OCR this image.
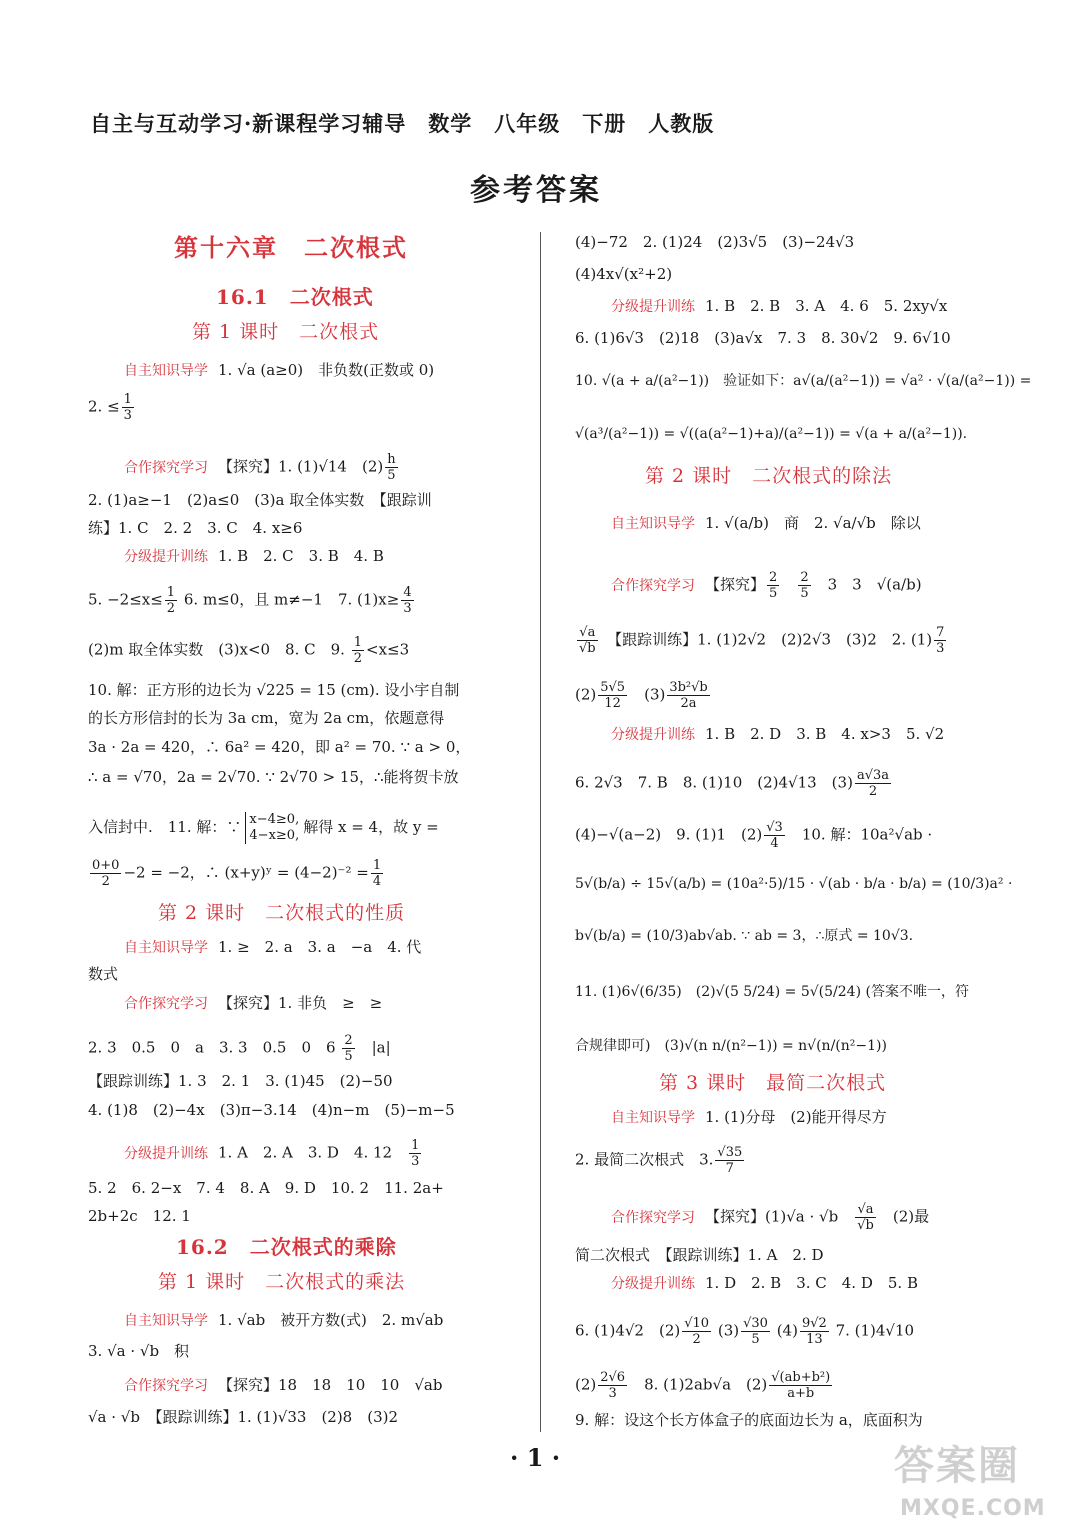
自主与互动学习·新课程学习辅导　数学　八年级　下册　人教版
参考答案
第十六章　二次根式
16.1　二次根式
第 1 课时　二次根式
自主知识导学 1. √a (a≥0)　非负数(正数或 0)
2. ≤ $\frac{1}{3}$
合作探究学习 【探究】1. (1)√14　$(2) \frac{h}{5}$
2. (1)a≥−1　(2)a≤0　(3)a 取全体实数　【跟踪训
练】1. C　2. 2　3. C　4. x≥6
分级提升训练 1. B　2. C　3. B　4. B
5. $-2\le x\le \frac{1}{2} 6$. m≤0，且 m≠−1　7. $(1)x\ge \frac{4}{3}$
(2)m 取全体实数　(3)x<0　8. C　9. $\frac{1}{2} <x\le 3$
10. 解：正方形的边长为 √225 = 15 (cm). 设小宇自制
的长方形信封的长为 3a cm，宽为 2a cm，依题意得
3a · 2a = 420，∴ 6a² = 420，即 a² = 70. ∵ a > 0，
∴ a = √70，2a = 2√70. ∵ 2√70 > 15，∴能将贺卡放
入信封中.　11. 解：∵ x−4≥0,
4−x≥0, 解得 x = 4，故 y =
$\frac{0+0}{2} -2 = -2$，∴ (x+y)ʸ = $(4-2)^{-2} = \frac{1}{4}$
第 2 课时　二次根式的性质
自主知识导学 1. ≥　2. a　3. a　−a　4. 代
数式
合作探究学习 【探究】1. 非负　≥　≥
2. 3　0.5　0　a　3. 3　0.5　0　$6 \frac{2}{5}$
　 |a|
【跟踪训练】1. 3　2. 1　3. (1)45　(2)−50
4. (1)8　(2)−4x　(3)π−3.14　(4)n−m　(5)−m−5
分级提升训练 1. A　2. A　3. D　4. 12　 $\frac{1}{3}$
5. 2　6. 2−x　7. 4　8. A　9. D　10. 2　11. 2a+
2b+2c　12. 1
16.2　二次根式的乘除
第 1 课时　二次根式的乘法
自主知识导学 1. √ab　被开方数(式)　2. m√ab
3. √a · √b　积
合作探究学习 【探究】18　18　10　10　√ab
√a · √b　【跟踪训练】1. (1)√33　(2)8　(3)2
(4)−72　2. (1)24　(2)3√5　(3)−24√3
(4)4x√(x²+2)
分级提升训练 1. B　2. B　3. A　4. 6　5. 2xy√x
6. (1)6√3　(2)18　(3)a√x　7. 3　8. 30√2　9. 6√10
10. √(a + a/(a²−1))　验证如下：a√(a/(a²−1)) = √a² · √(a/(a²−1)) =
√(a³/(a²−1)) = √((a(a²−1)+a)/(a²−1)) = √(a + a/(a²−1)).
第 2 课时　二次根式的除法
自主知识导学 1. √(a/b)　商　2. √a/√b　除以
合作探究学习 【探究】 $\frac{2}{5}$
　 $\frac{2}{5}$
　 3　3　√(a/b)
$\frac{√a}{√b}$
　 【跟踪训练】1. (1)2√2　(2)2√3　(3)2　2. $(1) \frac{7}{3}$
$(2) \frac{5√5}{12}$
　 $(3) \frac{\text{3b²√b}}{2a}$
分级提升训练 1. B　2. D　3. B　4. x>3　5. √2
6. 2√3　7. B　8. (1)10　(2)4√13　$(3) \frac{a√3a}{2}$
(4)−√(a−2)　9. (1)1　$(2) \frac{√3}{4}$
　 10. 解：10a²√ab ·
5√(b/a) ÷ 15√(a/b) = (10a²·5)/15 · √(ab · b/a · b/a) = (10/3)a² ·
b√(b/a) = (10/3)ab√ab. ∵ ab = 3，∴原式 = 10√3.
11. (1)6√(6/35)　(2)√(5 5/24) = 5√(5/24) (答案不唯一，符
合规律即可)　(3)√(n n/(n²−1)) = n√(n/(n²−1))
第 3 课时　最简二次根式
自主知识导学 1. (1)分母　(2)能开得尽方
2. 最简二次根式　3. $\frac{√35}{7}$
合作探究学习 【探究】(1)√a · √b　 $\frac{√a}{√b}$
　 (2)最
简二次根式　【跟踪训练】1. A　2. D
分级提升训练 1. D　2. B　3. C　4. D　5. B
6. (1)4√2　$(2) \frac{√10}{2} (3) \frac{√30}{5} (4) \frac{9√2}{13} 7$. (1)4√10
$(2) \frac{2√6}{3}$
　 8. (1)2ab√a　$(2) \frac{\text{√(ab+b²)}}{a+b}$
9. 解：设这个长方体盒子的底面边长为 a，底面积为
· 1 ·	答案圈
MXQE.COM
